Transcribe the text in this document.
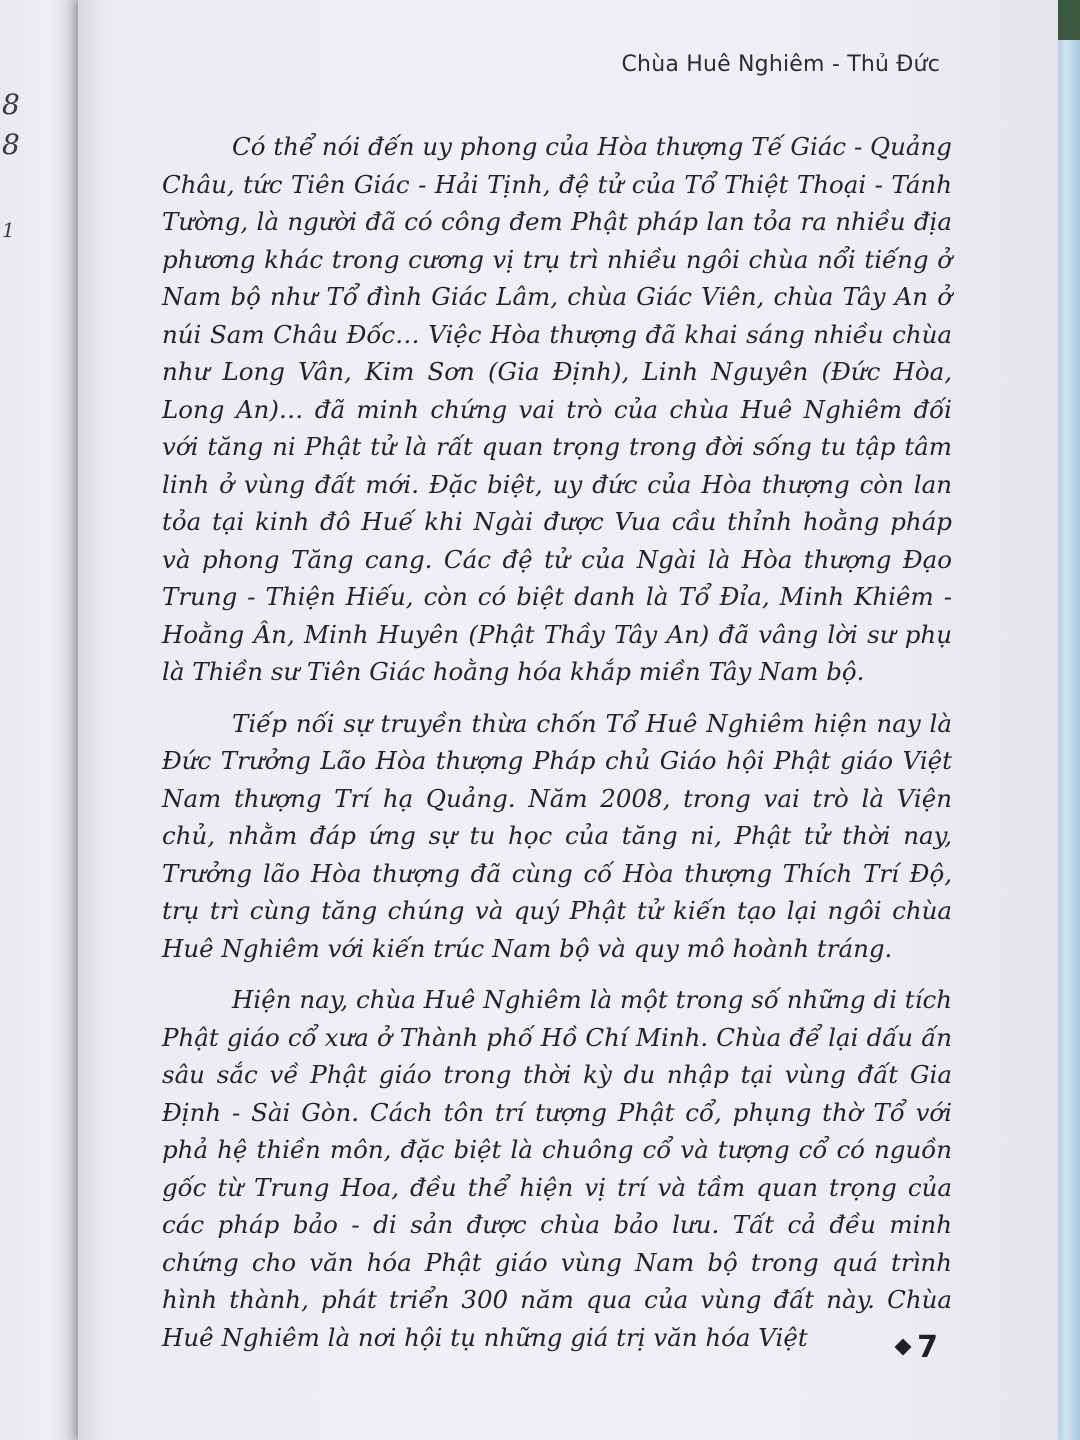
8
8
1
Chùa Huê Nghiêm - Thủ Đức

Có thể nói đến uy phong của Hòa thượng Tế Giác - Quảng Châu, tức Tiên Giác - Hải Tịnh, đệ tử của Tổ Thiệt Thoại - Tánh Tường, là người đã có công đem Phật pháp lan tỏa ra nhiều địa phương khác trong cương vị trụ trì nhiều ngôi chùa nổi tiếng ở Nam bộ như Tổ đình Giác Lâm, chùa Giác Viên, chùa Tây An ở núi Sam Châu Đốc… Việc Hòa thượng đã khai sáng nhiều chùa như Long Vân, Kim Sơn (Gia Định), Linh Nguyên (Đức Hòa, Long An)… đã minh chứng vai trò của chùa Huê Nghiêm đối với tăng ni Phật tử là rất quan trọng trong đời sống tu tập tâm linh ở vùng đất mới. Đặc biệt, uy đức của Hòa thượng còn lan tỏa tại kinh đô Huế khi Ngài được Vua cầu thỉnh hoằng pháp và phong Tăng cang. Các đệ tử của Ngài là Hòa thượng Đạo Trung - Thiện Hiếu, còn có biệt danh là Tổ Đỉa, Minh Khiêm - Hoằng Ân, Minh Huyên (Phật Thầy Tây An) đã vâng lời sư phụ là Thiền sư Tiên Giác hoằng hóa khắp miền Tây Nam bộ.

Tiếp nối sự truyền thừa chốn Tổ Huê Nghiêm hiện nay là Đức Trưởng Lão Hòa thượng Pháp chủ Giáo hội Phật giáo Việt Nam thượng Trí hạ Quảng. Năm 2008, trong vai trò là Viện chủ, nhằm đáp ứng sự tu học của tăng ni, Phật tử thời nay, Trưởng lão Hòa thượng đã cùng cố Hòa thượng Thích Trí Độ, trụ trì cùng tăng chúng và quý Phật tử kiến tạo lại ngôi chùa Huê Nghiêm với kiến trúc Nam bộ và quy mô hoành tráng.

Hiện nay, chùa Huê Nghiêm là một trong số những di tích Phật giáo cổ xưa ở Thành phố Hồ Chí Minh. Chùa để lại dấu ấn sâu sắc về Phật giáo trong thời kỳ du nhập tại vùng đất Gia Định - Sài Gòn. Cách tôn trí tượng Phật cổ, phụng thờ Tổ với phả hệ thiền môn, đặc biệt là chuông cổ và tượng cổ có nguồn gốc từ Trung Hoa, đều thể hiện vị trí và tầm quan trọng của các pháp bảo - di sản được chùa bảo lưu. Tất cả đều minh chứng cho văn hóa Phật giáo vùng Nam bộ trong quá trình hình thành, phát triển 300 năm qua của vùng đất này. Chùa Huê Nghiêm là nơi hội tụ những giá trị văn hóa Việt	7
